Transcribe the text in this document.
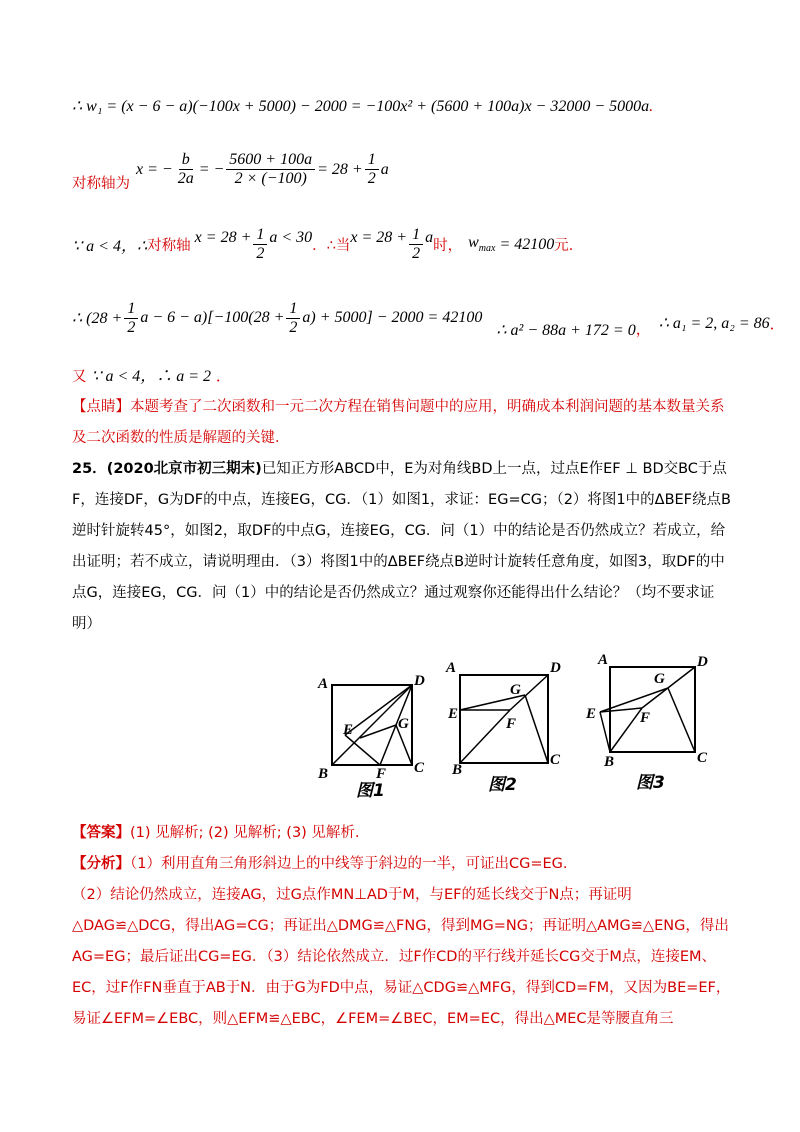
∴ w₁ = (x − 6 − a)(−100x + 5000) − 2000 = −100x² + (5600 + 100a)x − 32000 − 5000a.
对称轴为
x = − $\frac{b}{2a}$ = − $\frac{5600 + 100a}{2 \times (-100)} = 28 + \frac{1}{2}$ a
∵ a < 4，∴ 对称轴
$x = 28 + \frac{1}{2}$ a < 30
．∴当
$x = 28 + \frac{1}{2}$ a
时， $w_{max} = 42100$ 元．
∴ ($28 + \frac{1}{2}$ $a - 6 - a)[-100(28 + \frac{1}{2} a) + 5000] - 2000 = 42100$
∴ a² − 88a + 172 = 0 ， ∴ a₁ = 2, a₂ = 86 ．
又 ∵ a < 4，∴ a = 2 ．
【点睛】本题考查了二次函数和一元二次方程在销售问题中的应用，明确成本利润问题的基本数量关系及二次函数的性质是解题的关键．
25．(2020北京市初三期末)已知正方形ABCD中，E为对角线BD上一点，过点E作EF ⊥ BD交BC于点F，连接DF，G为DF的中点，连接EG，CG．（1）如图1，求证：EG=CG；（2）将图1中的ΔBEF绕点B逆时针旋转45°，如图2，取DF的中点G，连接EG，CG．问（1）中的结论是否仍然成立？若成立，给出证明；若不成立，请说明理由．（3）将图1中的ΔBEF绕点B逆时计旋转任意角度，如图3，取DF的中点G，连接EG，CG．问（1）中的结论是否仍然成立？通过观察你还能得出什么结论？（均不要求证明）
A	D
B	C
E
F
G
图1
A	D
E
G
F
B
C
图2
A	D
E
G
F
B	C
图3
【答案】(1) 见解析; (2) 见解析; (3) 见解析.
【分析】（1）利用直角三角形斜边上的中线等于斜边的一半，可证出CG=EG.
（2）结论仍然成立，连接AG，过G点作MN⊥AD于M，与EF的延长线交于N点；再证明△DAG≌△DCG，得出AG=CG；再证出△DMG≌△FNG，得到MG=NG；再证明△AMG≌△ENG，得出AG=EG；最后证出CG=EG．（3）结论依然成立．过F作CD的平行线并延长CG交于M点，连接EM、EC，过F作FN垂直于AB于N．由于G为FD中点，易证△CDG≌△MFG，得到CD=FM，又因为BE=EF，易证∠EFM=∠EBC，则△EFM≌△EBC，∠FEM=∠BEC，EM=EC，得出△MEC是等腰直角三
